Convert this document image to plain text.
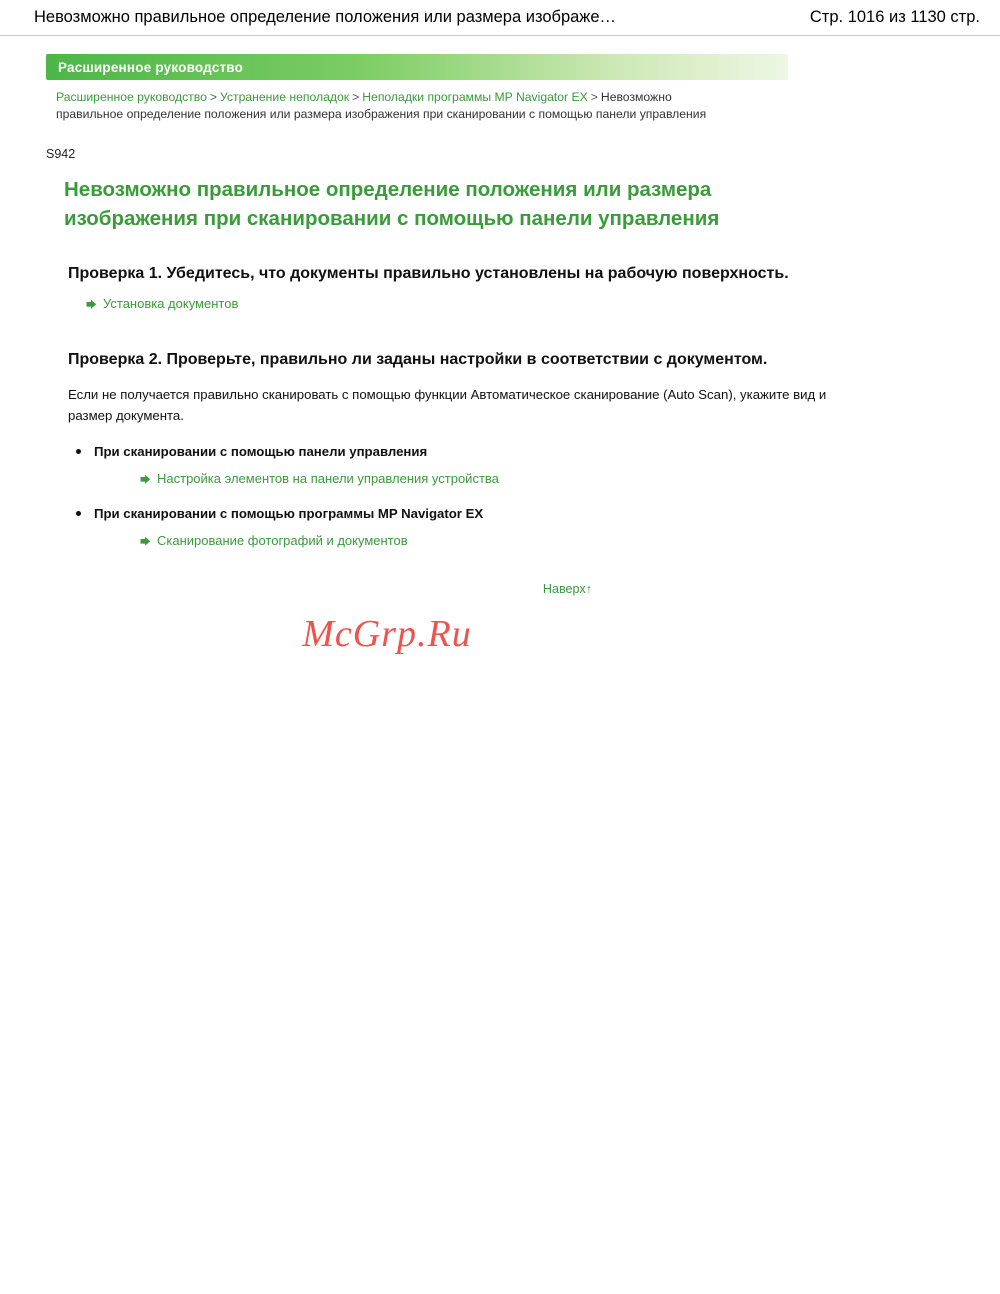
Невозможно правильное определение положения или размера изображе…	Стр. 1016 из 1130 стр.
Расширенное руководство
Расширенное руководство > Устранение неполадок > Неполадки программы MP Navigator EX > Невозможно правильное определение положения или размера изображения при сканировании с помощью панели управления
S942
Невозможно правильное определение положения или размера изображения при сканировании с помощью панели управления
Проверка 1. Убедитесь, что документы правильно установлены на рабочую поверхность.
Установка документов
Проверка 2. Проверьте, правильно ли заданы настройки в соответствии с документом.

Если не получается правильно сканировать с помощью функции Автоматическое сканирование (Auto Scan), укажите вид и размер документа.

При сканировании с помощью панели управления
Настройка элементов на панели управления устройства
При сканировании с помощью программы MP Navigator EX
Сканирование фотографий и документов
Наверх↑
McGrp.Ru
